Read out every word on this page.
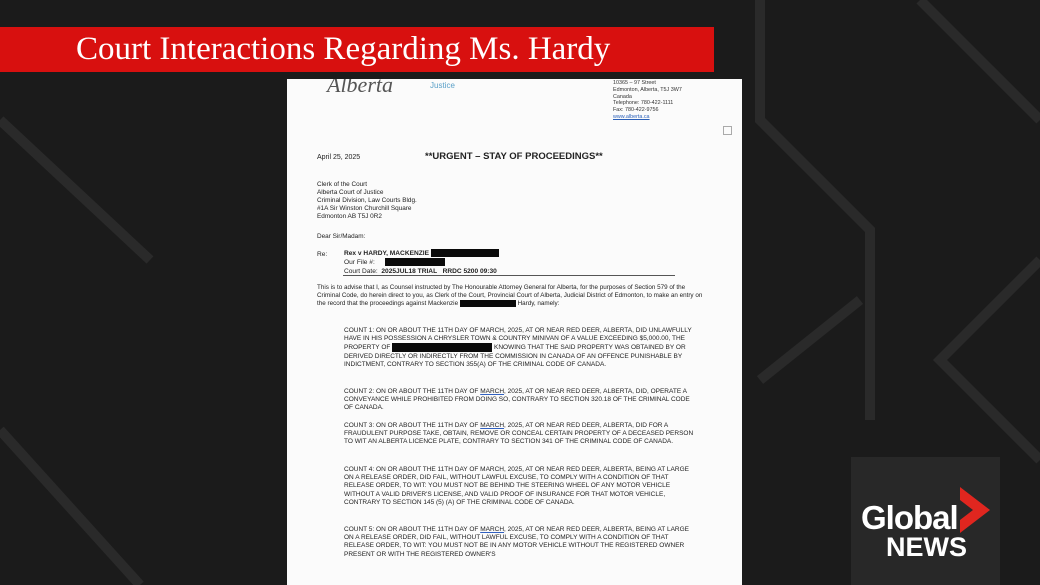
Court Interactions Regarding Ms. Hardy
Alberta	Justice	10365 – 97 Street
Edmonton, Alberta, T5J 3W7
Canada
Telephone: 780-422-1111
Fax: 780-422-9756
www.alberta.ca
April 25, 2025	**URGENT – STAY OF PROCEEDINGS**
Clerk of the Court
Alberta Court of Justice
Criminal Division, Law Courts Bldg.
#1A Sir Winston Churchill Square
Edmonton AB T5J 0R2
Dear Sir/Madam:
Re:	Rex v HARDY, MACKENZIE
Our File #:
Court Date: 2025JUL18 TRIAL RRDC 5200 09:30
This is to advise that I, as Counsel instructed by The Honourable Attorney General for Alberta, for the purposes of Section 579 of the Criminal Code, do herein direct to you, as Clerk of the Court, Provincial Court of Alberta, Judicial District of Edmonton, to make an entry on the record that the proceedings against Mackenzie	Hardy, namely:
COUNT 1: ON OR ABOUT THE 11TH DAY OF MARCH, 2025, AT OR NEAR RED DEER, ALBERTA, DID UNLAWFULLY HAVE IN HIS POSSESSION A CHRYSLER TOWN & COUNTRY MINIVAN OF A VALUE EXCEEDING $5,000.00, THE PROPERTY OF	KNOWING THAT THE SAID PROPERTY WAS OBTAINED BY OR DERIVED DIRECTLY OR INDIRECTLY FROM THE COMMISSION IN CANADA OF AN OFFENCE PUNISHABLE BY INDICTMENT, CONTRARY TO SECTION 355(A) OF THE CRIMINAL CODE OF CANADA.
COUNT 2: ON OR ABOUT THE 11TH DAY OF MARCH, 2025, AT OR NEAR RED DEER, ALBERTA, DID, OPERATE A CONVEYANCE WHILE PROHIBITED FROM DOING SO, CONTRARY TO SECTION 320.18 OF THE CRIMINAL CODE OF CANADA.
COUNT 3: ON OR ABOUT THE 11TH DAY OF MARCH, 2025, AT OR NEAR RED DEER, ALBERTA, DID FOR A FRAUDULENT PURPOSE TAKE, OBTAIN, REMOVE OR CONCEAL CERTAIN PROPERTY OF A DECEASED PERSON TO WIT AN ALBERTA LICENCE PLATE, CONTRARY TO SECTION 341 OF THE CRIMINAL CODE OF CANADA.
COUNT 4: ON OR ABOUT THE 11TH DAY OF MARCH, 2025, AT OR NEAR RED DEER, ALBERTA, BEING AT LARGE ON A RELEASE ORDER, DID FAIL, WITHOUT LAWFUL EXCUSE, TO COMPLY WITH A CONDITION OF THAT RELEASE ORDER, TO WIT: YOU MUST NOT BE BEHIND THE STEERING WHEEL OF ANY MOTOR VEHICLE WITHOUT A VALID DRIVER'S LICENSE, AND VALID PROOF OF INSURANCE FOR THAT MOTOR VEHICLE, CONTRARY TO SECTION 145 (5) (A) OF THE CRIMINAL CODE OF CANADA.
COUNT 5: ON OR ABOUT THE 11TH DAY OF MARCH, 2025, AT OR NEAR RED DEER, ALBERTA, BEING AT LARGE ON A RELEASE ORDER, DID FAIL, WITHOUT LAWFUL EXCUSE, TO COMPLY WITH A CONDITION OF THAT RELEASE ORDER, TO WIT: YOU MUST NOT BE IN ANY MOTOR VEHICLE WITHOUT THE REGISTERED OWNER PRESENT OR WITH THE REGISTERED OWNER'S
Global
NEWS
